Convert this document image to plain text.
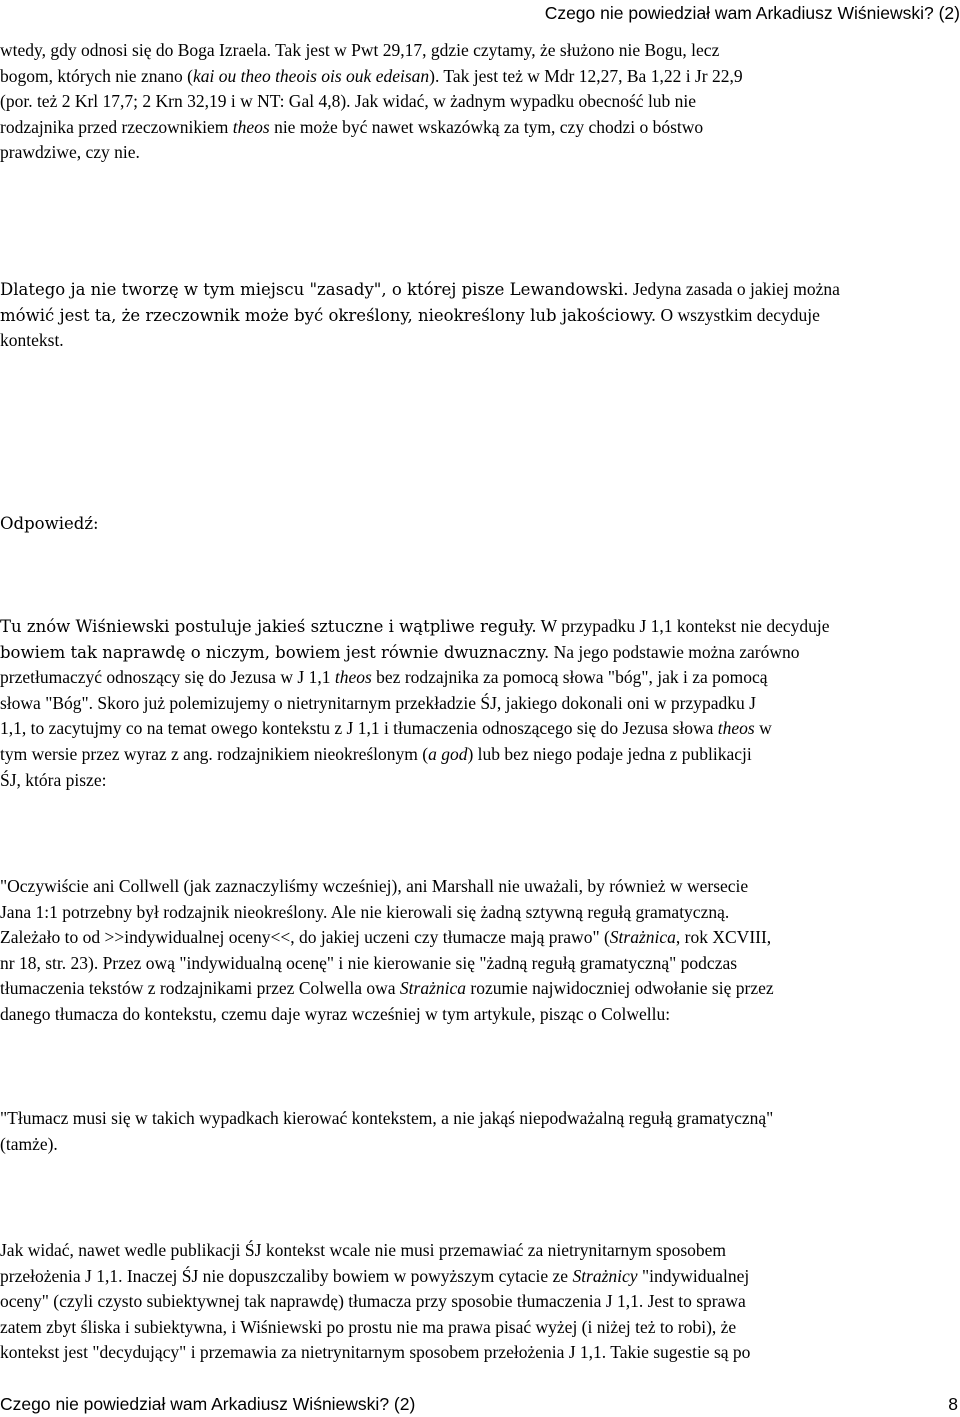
Czego nie powiedział wam Arkadiusz Wiśniewski? (2)

wtedy, gdy odnosi się do Boga Izraela. Tak jest w Pwt 29,17, gdzie czytamy, że służono nie Bogu, lecz
bogom, których nie znano (kai ou theo theois ois ouk edeisan). Tak jest też w Mdr 12,27, Ba 1,22 i Jr 22,9
(por. też 2 Krl 17,7; 2 Krn 32,19 i w NT: Gal 4,8). Jak widać, w żadnym wypadku obecność lub nie
rodzajnika przed rzeczownikiem theos nie może być nawet wskazówką za tym, czy chodzi o bóstwo
prawdziwe, czy nie.

Dlatego ja nie tworzę w tym miejscu "zasady", o której pisze Lewandowski. Jedyna zasada o jakiej można
mówić jest ta, że rzeczownik może być określony, nieokreślony lub jakościowy. O wszystkim decyduje
kontekst.

Odpowiedź:

Tu znów Wiśniewski postuluje jakieś sztuczne i wątpliwe reguły. W przypadku J 1,1 kontekst nie decyduje
bowiem tak naprawdę o niczym, bowiem jest równie dwuznaczny. Na jego podstawie można zarówno
przetłumaczyć odnoszący się do Jezusa w J 1,1 theos bez rodzajnika za pomocą słowa "bóg", jak i za pomocą
słowa "Bóg". Skoro już polemizujemy o nietrynitarnym przekładzie ŚJ, jakiego dokonali oni w przypadku J
1,1, to zacytujmy co na temat owego kontekstu z J 1,1 i tłumaczenia odnoszącego się do Jezusa słowa theos w
tym wersie przez wyraz z ang. rodzajnikiem nieokreślonym (a god) lub bez niego podaje jedna z publikacji
ŚJ, która pisze:

"Oczywiście ani Collwell (jak zaznaczyliśmy wcześniej), ani Marshall nie uważali, by również w wersecie
Jana 1:1 potrzebny był rodzajnik nieokreślony. Ale nie kierowali się żadną sztywną regułą gramatyczną.
Zależało to od >>indywidualnej oceny<<, do jakiej uczeni czy tłumacze mają prawo" (Strażnica, rok XCVIII,
nr 18, str. 23). Przez ową "indywidualną ocenę" i nie kierowanie się "żadną regułą gramatyczną" podczas
tłumaczenia tekstów z rodzajnikami przez Colwella owa Strażnica rozumie najwidoczniej odwołanie się przez
danego tłumacza do kontekstu, czemu daje wyraz wcześniej w tym artykule, pisząc o Colwellu:

"Tłumacz musi się w takich wypadkach kierować kontekstem, a nie jakąś niepodważalną regułą gramatyczną"
(tamże).

Jak widać, nawet wedle publikacji ŚJ kontekst wcale nie musi przemawiać za nietrynitarnym sposobem
przełożenia J 1,1. Inaczej ŚJ nie dopuszczaliby bowiem w powyższym cytacie ze Strażnicy "indywidualnej
oceny" (czyli czysto subiektywnej tak naprawdę) tłumacza przy sposobie tłumaczenia J 1,1. Jest to sprawa
zatem zbyt śliska i subiektywna, i Wiśniewski po prostu nie ma prawa pisać wyżej (i niżej też to robi), że
kontekst jest "decydujący" i przemawia za nietrynitarnym sposobem przełożenia J 1,1. Takie sugestie są po

Czego nie powiedział wam Arkadiusz Wiśniewski? (2)	8
